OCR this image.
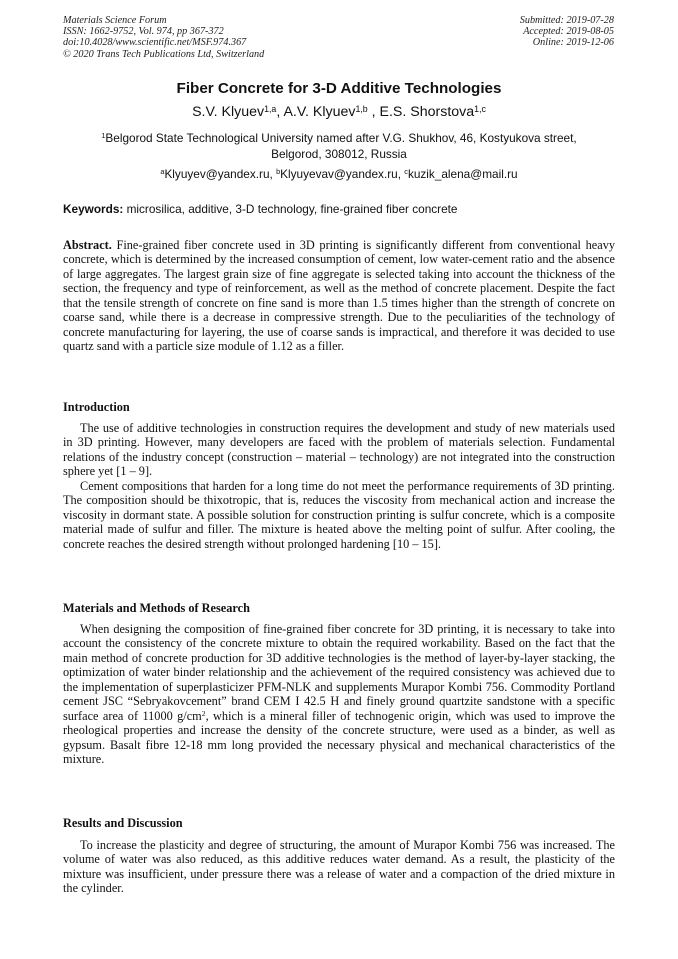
Materials Science Forum
ISSN: 1662-9752, Vol. 974, pp 367-372
doi:10.4028/www.scientific.net/MSF.974.367
© 2020 Trans Tech Publications Ltd, Switzerland
Submitted: 2019-07-28
Accepted: 2019-08-05
Online: 2019-12-06
Fiber Concrete for 3-D Additive Technologies
S.V. Klyuev$^{1,a}$, A.V. Klyuev$^{1,b}$ , E.S. Shorstova$^{1,c}$
$^1$Belgorod State Technological University named after V.G. Shukhov, 46, Kostyukova street,
Belgorod, 308012, Russia
$^a$Klyuyev@yandex.ru, $^b$Klyuyevav@yandex.ru, $^c$kuzik_alena@mail.ru
Keywords: microsilica, additive, 3-D technology, fine-grained fiber concrete

Abstract. Fine-grained fiber concrete used in 3D printing is significantly different from conventional heavy concrete, which is determined by the increased consumption of cement, low water-cement ratio and the absence of large aggregates. The largest grain size of fine aggregate is selected taking into account the thickness of the section, the frequency and type of reinforcement, as well as the method of concrete placement. Despite the fact that the tensile strength of concrete on fine sand is more than 1.5 times higher than the strength of concrete on coarse sand, while there is a decrease in compressive strength. Due to the peculiarities of the technology of concrete manufacturing for layering, the use of coarse sands is impractical, and therefore it was decided to use quartz sand with a particle size module of 1.12 as a filler.

Introduction

The use of additive technologies in construction requires the development and study of new materials used in 3D printing. However, many developers are faced with the problem of materials selection. Fundamental relations of the industry concept (construction – material – technology) are not integrated into the construction sphere yet [1 – 9].

Cement compositions that harden for a long time do not meet the performance requirements of 3D printing. The composition should be thixotropic, that is, reduces the viscosity from mechanical action and increase the viscosity in dormant state. A possible solution for construction printing is sulfur concrete, which is a composite material made of sulfur and filler. The mixture is heated above the melting point of sulfur. After cooling, the concrete reaches the desired strength without prolonged hardening [10 – 15].

Materials and Methods of Research

When designing the composition of fine-grained fiber concrete for 3D printing, it is necessary to take into account the consistency of the concrete mixture to obtain the required workability. Based on the fact that the main method of concrete production for 3D additive technologies is the method of layer-by-layer stacking, the optimization of water binder relationship and the achievement of the required consistency was achieved due to the implementation of superplasticizer PFM-NLK and supplements Murapor Kombi 756. Commodity Portland cement JSC “Sebryakovcement” brand CEM I 42.5 H and finely ground quartzite sandstone with a specific surface area of 11000 $g/cm^2$, which is a mineral filler of technogenic origin, which was used to improve the rheological properties and increase the density of the concrete structure, were used as a binder, as well as gypsum. Basalt fibre 12-18 mm long provided the necessary physical and mechanical characteristics of the mixture.

Results and Discussion

To increase the plasticity and degree of structuring, the amount of Murapor Kombi 756 was increased. The volume of water was also reduced, as this additive reduces water demand. As a result, the plasticity of the mixture was insufficient, under pressure there was a release of water and a compaction of the dried mixture in the cylinder.
